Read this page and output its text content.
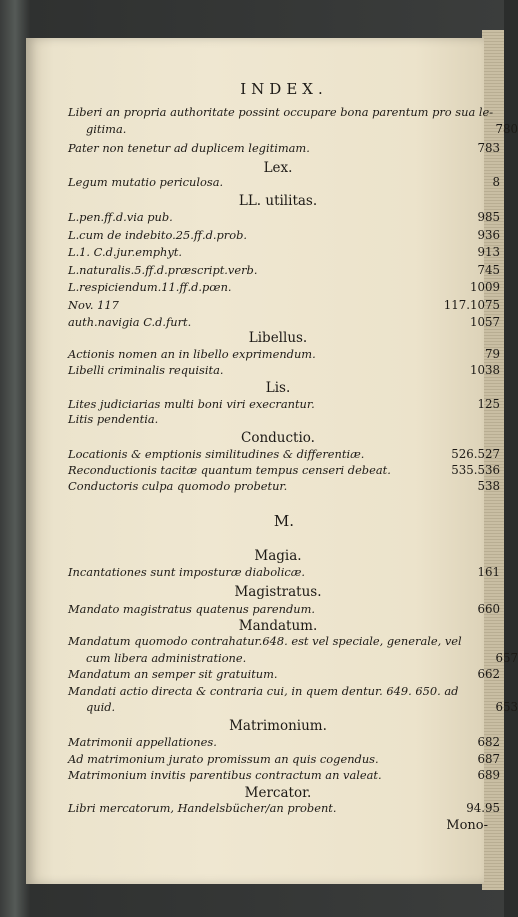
INDEX.
Liberi an propria authoritate possint occupare bona parentum pro sua le-
gitima.	780
Pater non tenetur ad duplicem legitimam.	783
Lex.
Legum mutatio periculosa.	8
LL. utilitas.
L.pen.ff.d.via pub.	985
L.cum de indebito.25.ff.d.prob.	936
L.1. C.d.jur.emphyt.	913
L.naturalis.5.ff.d.præscript.verb.	745
L.respiciendum.11.ff.d.pœn.	1009
Nov. 117	117.1075
auth.navigia C.d.furt.	1057
Libellus.
Actionis nomen an in libello exprimendum.	79
Libelli criminalis requisita.	1038
Lis.
Lites judiciarias multi boni viri execrantur.	125
Litis pendentia.
Conductio.
Locationis & emptionis similitudines & differentiæ.	526.527
Reconductionis tacitæ quantum tempus censeri debeat.	535.536
Conductoris culpa quomodo probetur.	538
M.
Magia.
Incantationes sunt imposturæ diabolicæ.	161
Magistratus.
Mandato magistratus quatenus parendum.	660
Mandatum.
Mandatum quomodo contrahatur.648. est vel speciale, generale, vel
cum libera administratione.	657
Mandatum an semper sit gratuitum.	662
Mandati actio directa & contraria cui, in quem dentur. 649. 650. ad
quid.	653
Matrimonium.
Matrimonii appellationes.	682
Ad matrimonium jurato promissum an quis cogendus.	687
Matrimonium invitis parentibus contractum an valeat.	689
Mercator.
Libri mercatorum, Handelsbücher/an probent.	94.95
Mono-
